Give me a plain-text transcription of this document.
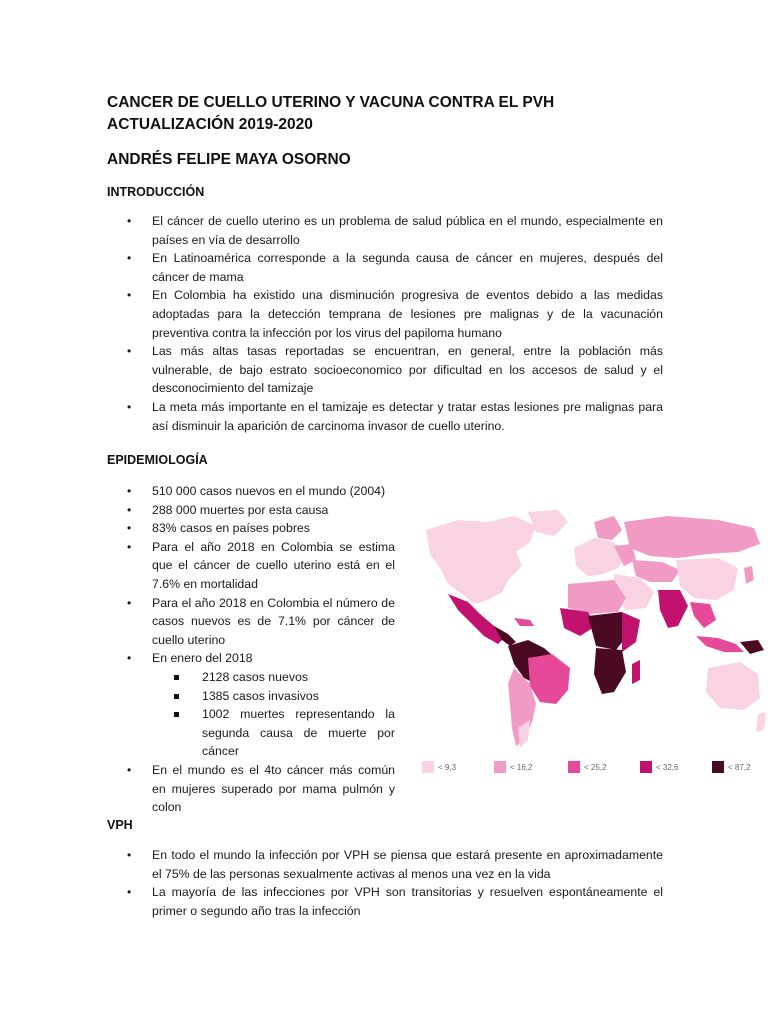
CANCER DE CUELLO UTERINO Y VACUNA CONTRA EL PVH ACTUALIZACIÓN 2019-2020
ANDRÉS FELIPE MAYA OSORNO
INTRODUCCIÓN
• El cáncer de cuello uterino es un problema de salud pública en el mundo, especialmente en países en vía de desarrollo
• En Latinoamérica corresponde a la segunda causa de cáncer en mujeres, después del cáncer de mama
• En Colombia ha existido una disminución progresiva de eventos debido a las medidas adoptadas para la detección temprana de lesiones pre malignas y de la vacunación preventiva contra la infección por los virus del papiloma humano
• Las más altas tasas reportadas se encuentran, en general, entre la población más vulnerable, de bajo estrato socioeconomico por dificultad en los accesos de salud y el desconocimiento del tamizaje
• La meta más importante en el tamizaje es detectar y tratar estas lesiones pre malignas para así disminuir la aparición de carcinoma invasor de cuello uterino.
EPIDEMIOLOGÍA
• 510 000 casos nuevos en el mundo (2004)
• 288 000 muertes por esta causa
• 83% casos en países pobres
• Para el año 2018 en Colombia se estima que el cáncer de cuello uterino está en el 7.6% en mortalidad
• Para el año 2018 en Colombia el número de casos nuevos es de 7.1% por cáncer de cuello uterino
• En enero del 2018
2128 casos nuevos
1385 casos invasivos
1002 muertes representando la segunda causa de muerte por cáncer
• En el mundo es el 4to cáncer más común en mujeres superado por mama pulmón y colon
< 9,3	< 16,2	< 25,2	< 32,6	< 87,2
VPH
• En todo el mundo la infección por VPH se piensa que estará presente en aproximadamente el 75% de las personas sexualmente activas al menos una vez en la vida
• La mayoría de las infecciones por VPH son transitorias y resuelven espontáneamente el primer o segundo año tras la infección
